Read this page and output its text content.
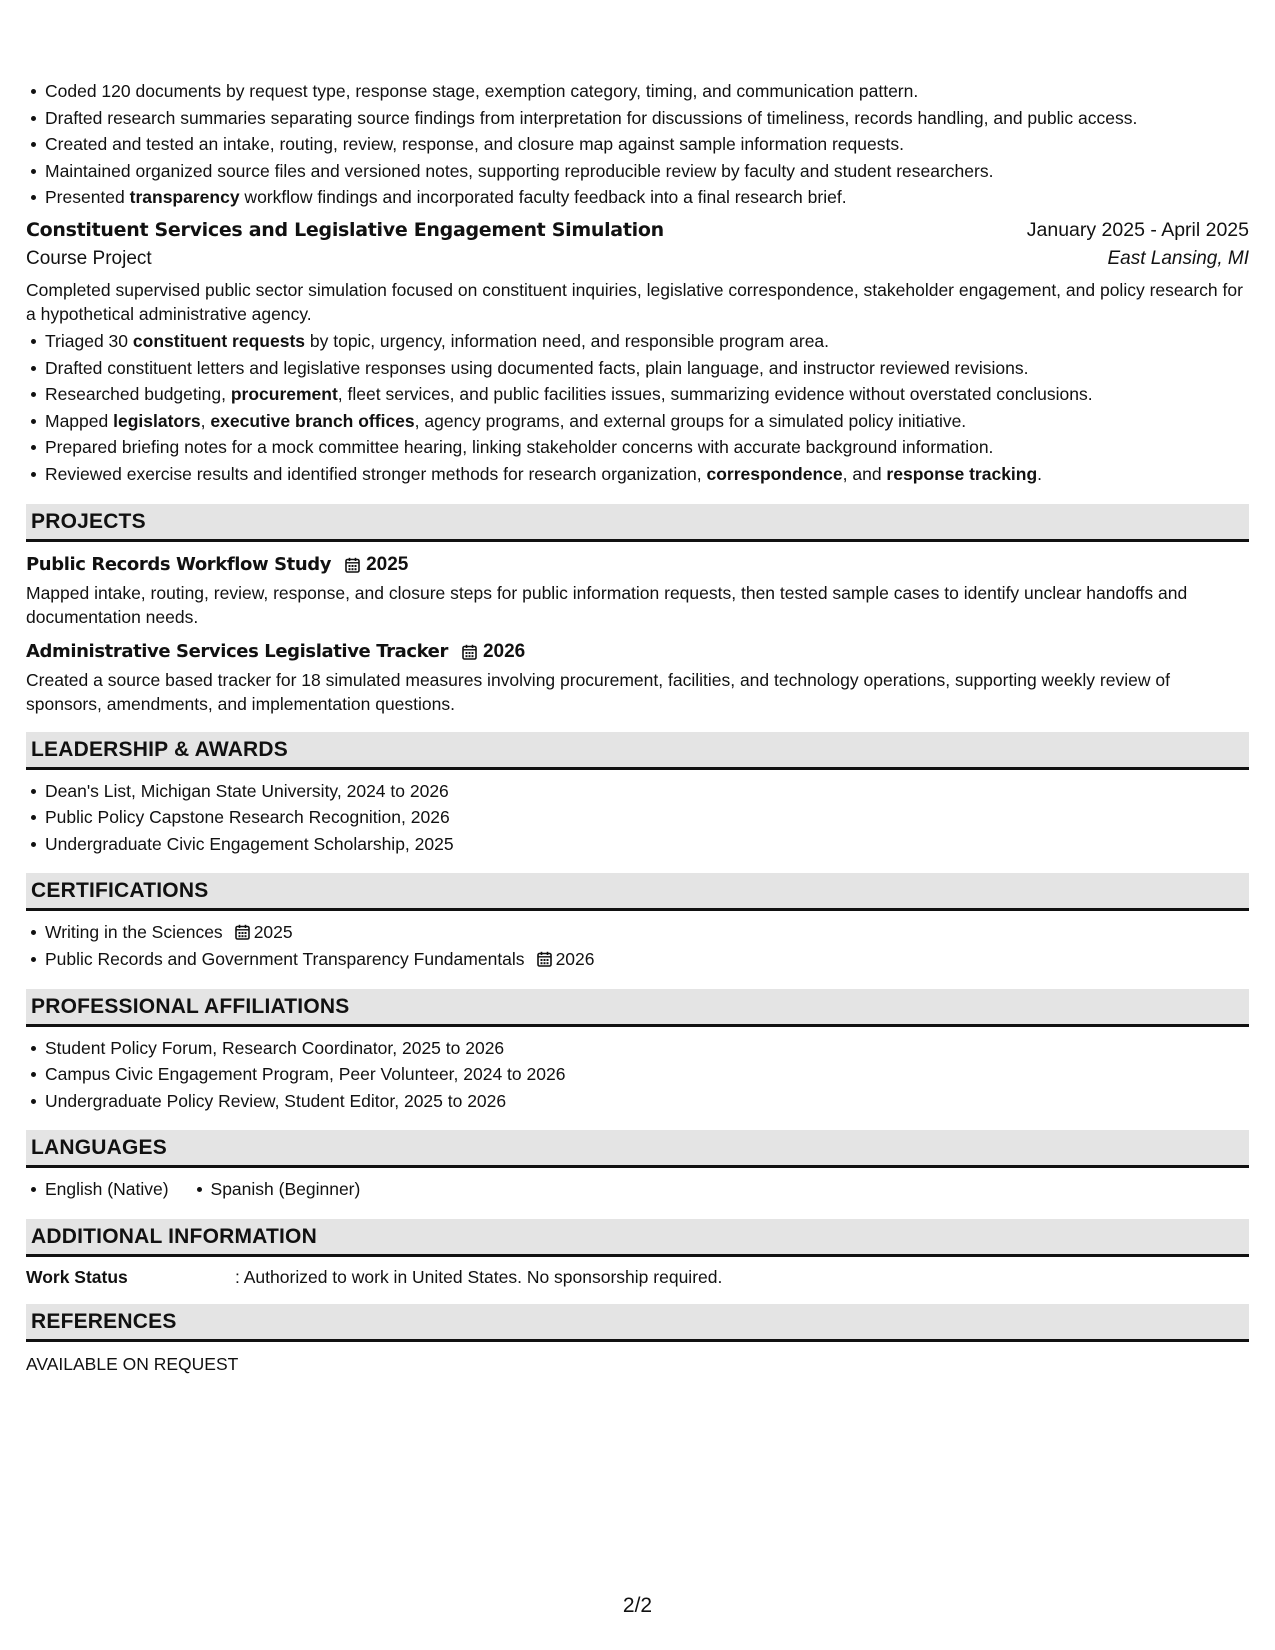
Coded 120 documents by request type, response stage, exemption category, timing, and communication pattern.
Drafted research summaries separating source findings from interpretation for discussions of timeliness, records handling, and public access.
Created and tested an intake, routing, review, response, and closure map against sample information requests.
Maintained organized source files and versioned notes, supporting reproducible review by faculty and student researchers.
Presented transparency workflow findings and incorporated faculty feedback into a final research brief.
Constituent Services and Legislative Engagement Simulation	January 2025 - April 2025
Course Project	East Lansing, MI
Completed supervised public sector simulation focused on constituent inquiries, legislative correspondence, stakeholder engagement, and policy research for a hypothetical administrative agency.
Triaged 30 constituent requests by topic, urgency, information need, and responsible program area.
Drafted constituent letters and legislative responses using documented facts, plain language, and instructor reviewed revisions.
Researched budgeting, procurement, fleet services, and public facilities issues, summarizing evidence without overstated conclusions.
Mapped legislators, executive branch offices, agency programs, and external groups for a simulated policy initiative.
Prepared briefing notes for a mock committee hearing, linking stakeholder concerns with accurate background information.
Reviewed exercise results and identified stronger methods for research organization, correspondence, and response tracking.
PROJECTS
Public Records Workflow Study 2025
Mapped intake, routing, review, response, and closure steps for public information requests, then tested sample cases to identify unclear handoffs and documentation needs.
Administrative Services Legislative Tracker 2026
Created a source based tracker for 18 simulated measures involving procurement, facilities, and technology operations, supporting weekly review of sponsors, amendments, and implementation questions.
LEADERSHIP & AWARDS
Dean's List, Michigan State University, 2024 to 2026
Public Policy Capstone Research Recognition, 2026
Undergraduate Civic Engagement Scholarship, 2025
CERTIFICATIONS
Writing in the Sciences 2025
Public Records and Government Transparency Fundamentals 2026
PROFESSIONAL AFFILIATIONS
Student Policy Forum, Research Coordinator, 2025 to 2026
Campus Civic Engagement Program, Peer Volunteer, 2024 to 2026
Undergraduate Policy Review, Student Editor, 2025 to 2026
LANGUAGES
English (Native) Spanish (Beginner)
ADDITIONAL INFORMATION
Work Status	: Authorized to work in United States. No sponsorship required.
REFERENCES
AVAILABLE ON REQUEST
2/2
